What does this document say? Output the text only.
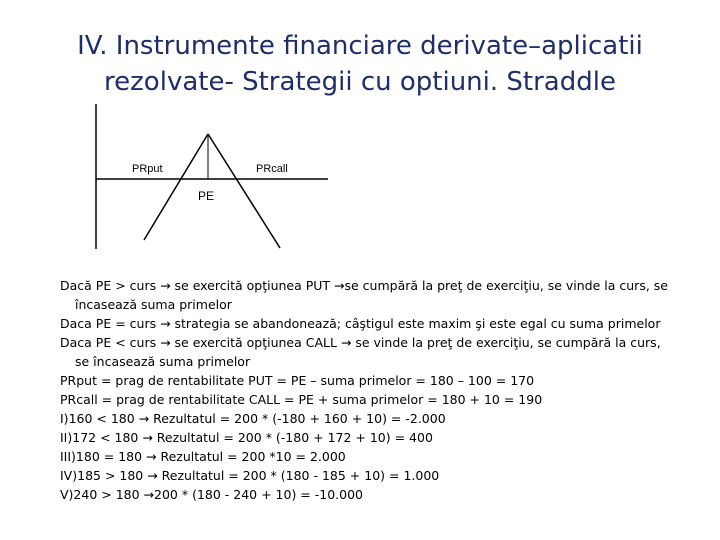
IV. Instrumente financiare derivate–aplicatii
rezolvate- Strategii cu optiuni. Straddle
PRput	PRcall
PE

Dacă PE > curs → se exercită opţiunea PUT →se cumpără la preţ de exerciţiu, se vinde la curs, se încasează suma primelor

Daca PE = curs → strategia se abandonează; câştigul este maxim şi este egal cu suma primelor

Daca PE < curs → se exercită opţiunea CALL → se vinde la preţ de exerciţiu, se cumpără la curs, se încasează suma primelor

PRput = prag de rentabilitate PUT = PE – suma primelor = 180 – 100 = 170

PRcall = prag de rentabilitate CALL = PE + suma primelor = 180 + 10 = 190

I)160 < 180 → Rezultatul = 200 * (-180 + 160 + 10) = -2.000

II)172 < 180 → Rezultatul = 200 * (-180 + 172 + 10) = 400

III)180 = 180 → Rezultatul = 200 *10 = 2.000

IV)185 > 180 → Rezultatul = 200 * (180 - 185 + 10) = 1.000

V)240 > 180 →200 * (180 - 240 + 10) = -10.000
